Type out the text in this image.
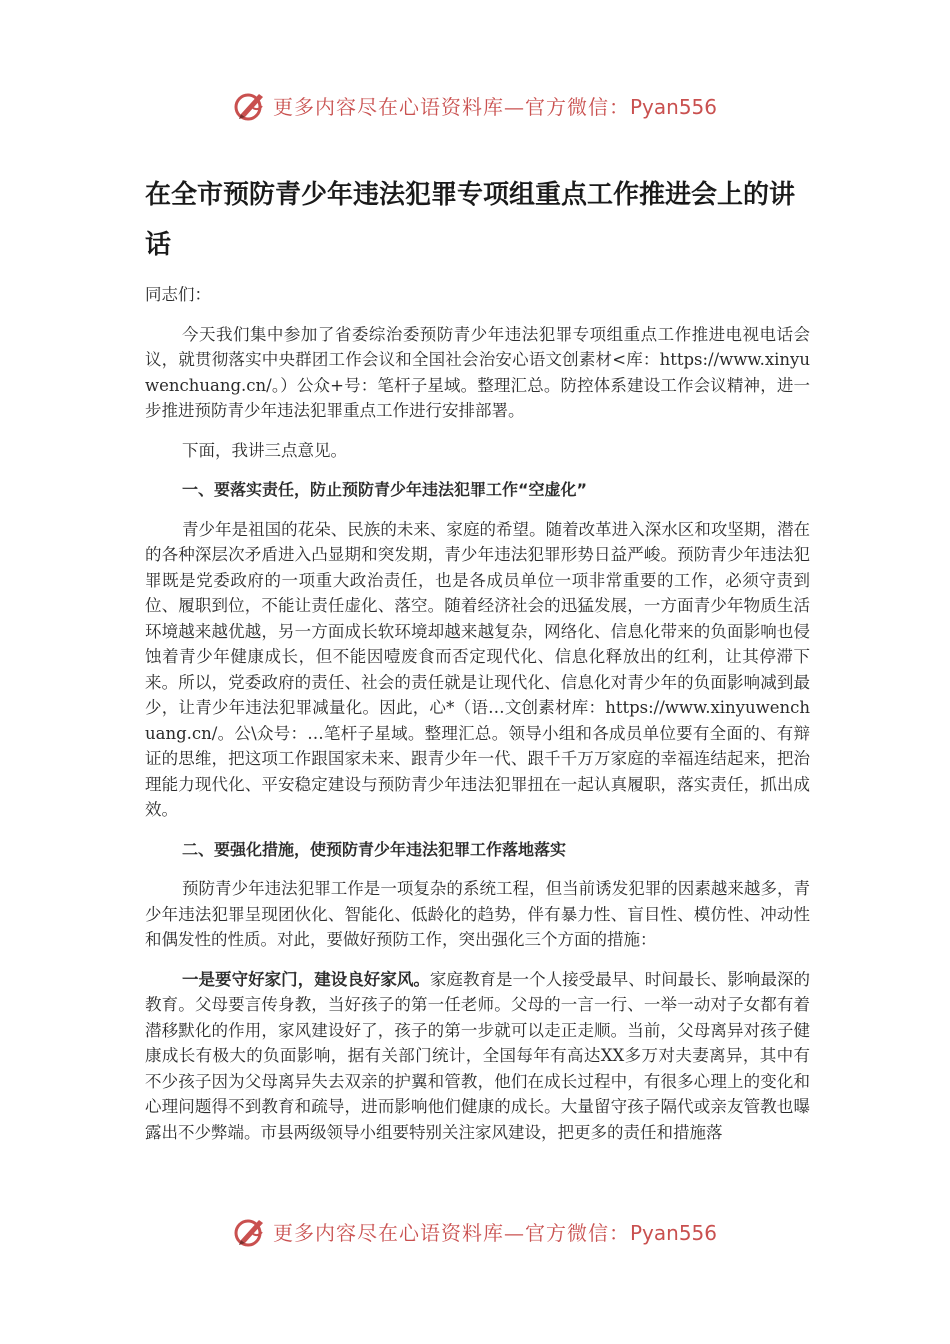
更多内容尽在心语资料库—官方微信：Pyan556
在全市预防青少年违法犯罪专项组重点工作推进会上的讲话

同志们：

今天我们集中参加了省委综治委预防青少年违法犯罪专项组重点工作推进电视电话会议，就贯彻落实中央群团工作会议和全国社会治安心语文创素材<库：https://www.xinyuwenchuang.cn/。）公众+号：笔杆子星域。整理汇总。防控体系建设工作会议精神，进一步推进预防青少年违法犯罪重点工作进行安排部署。

下面，我讲三点意见。

一、要落实责任，防止预防青少年违法犯罪工作“空虚化”

青少年是祖国的花朵、民族的未来、家庭的希望。随着改革进入深水区和攻坚期，潜在的各种深层次矛盾进入凸显期和突发期，青少年违法犯罪形势日益严峻。预防青少年违法犯罪既是党委政府的一项重大政治责任，也是各成员单位一项非常重要的工作，必须守责到位、履职到位，不能让责任虚化、落空。随着经济社会的迅猛发展，一方面青少年物质生活环境越来越优越，另一方面成长软环境却越来越复杂，网络化、信息化带来的负面影响也侵蚀着青少年健康成长，但不能因噎废食而否定现代化、信息化释放出的红利，让其停滞下来。所以，党委政府的责任、社会的责任就是让现代化、信息化对青少年的负面影响减到最少，让青少年违法犯罪减量化。因此，心*（语…文创素材库：https://www.xinyuwenchuang.cn/。公\众号：…笔杆子星域。整理汇总。领导小组和各成员单位要有全面的、有辩证的思维，把这项工作跟国家未来、跟青少年一代、跟千千万万家庭的幸福连结起来，把治理能力现代化、平安稳定建设与预防青少年违法犯罪扭在一起认真履职，落实责任，抓出成效。

二、要强化措施，使预防青少年违法犯罪工作落地落实

预防青少年违法犯罪工作是一项复杂的系统工程，但当前诱发犯罪的因素越来越多，青少年违法犯罪呈现团伙化、智能化、低龄化的趋势，伴有暴力性、盲目性、模仿性、冲动性和偶发性的性质。对此，要做好预防工作，突出强化三个方面的措施：

一是要守好家门，建设良好家风。家庭教育是一个人接受最早、时间最长、影响最深的教育。父母要言传身教，当好孩子的第一任老师。父母的一言一行、一举一动对子女都有着潜移默化的作用，家风建设好了，孩子的第一步就可以走正走顺。当前，父母离异对孩子健康成长有极大的负面影响，据有关部门统计，全国每年有高达XX多万对夫妻离异，其中有不少孩子因为父母离异失去双亲的护翼和管教，他们在成长过程中，有很多心理上的变化和心理问题得不到教育和疏导，进而影响他们健康的成长。大量留守孩子隔代或亲友管教也曝露出不少弊端。市县两级领导小组要特别关注家风建设，把更多的责任和措施落

更多内容尽在心语资料库—官方微信：Pyan556
